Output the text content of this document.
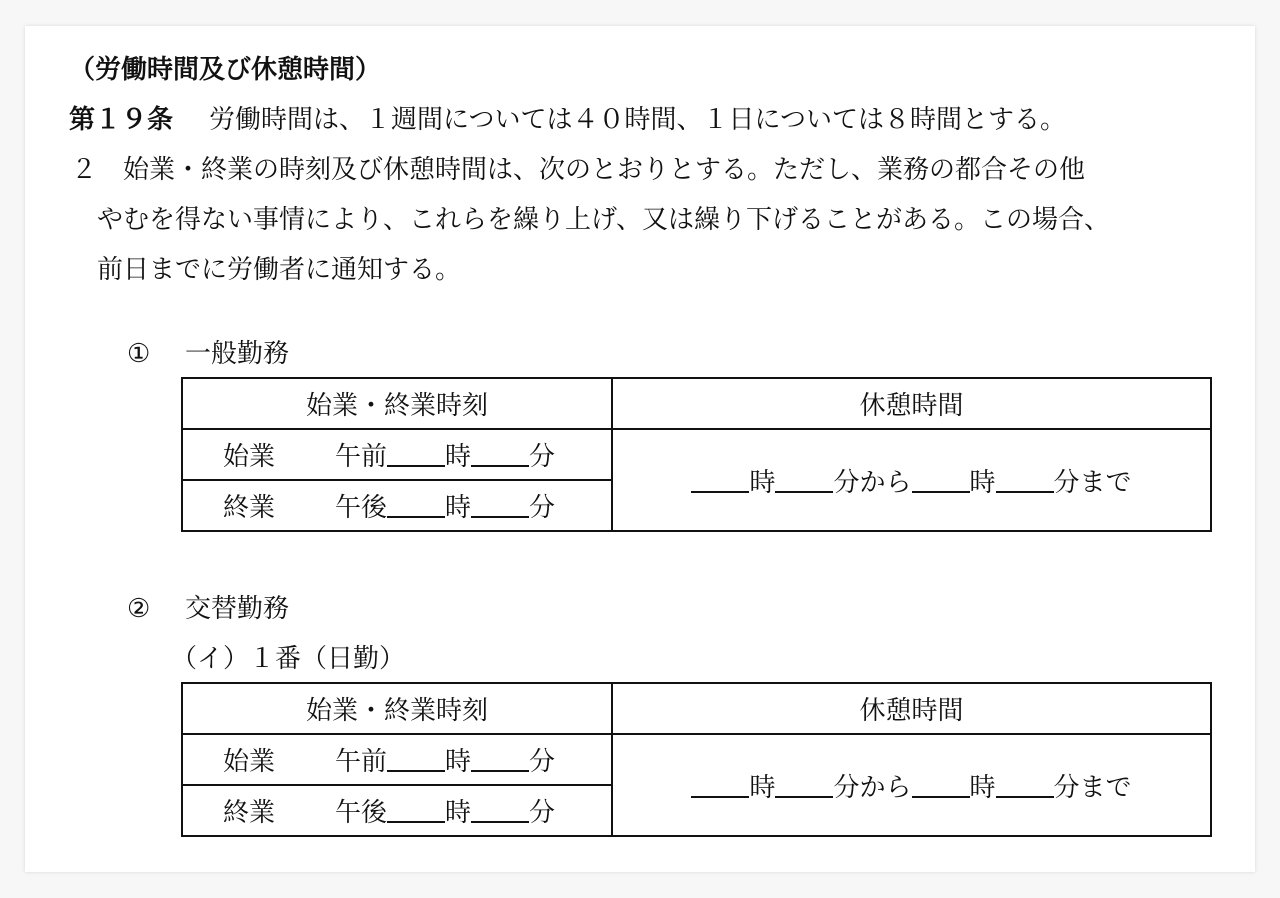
（労働時間及び休憩時間）
第１９条 労働時間は、１週間については４０時間、１日については８時間とする。
２ 始業・終業の時刻及び休憩時間は、次のとおりとする。ただし、業務の都合その他
やむを得ない事情により、これらを繰り上げ、又は繰り下げることがある。この場合、
前日までに労働者に通知する。
① 一般勤務
始業・終業時刻	休憩時間
始業 午前 時 分	時 分から 時 分まで
終業 午後 時 分	
② 交替勤務
（イ）１番（日勤）
始業・終業時刻	休憩時間
始業 午前 時 分	時 分から 時 分まで
終業 午後 時 分	
